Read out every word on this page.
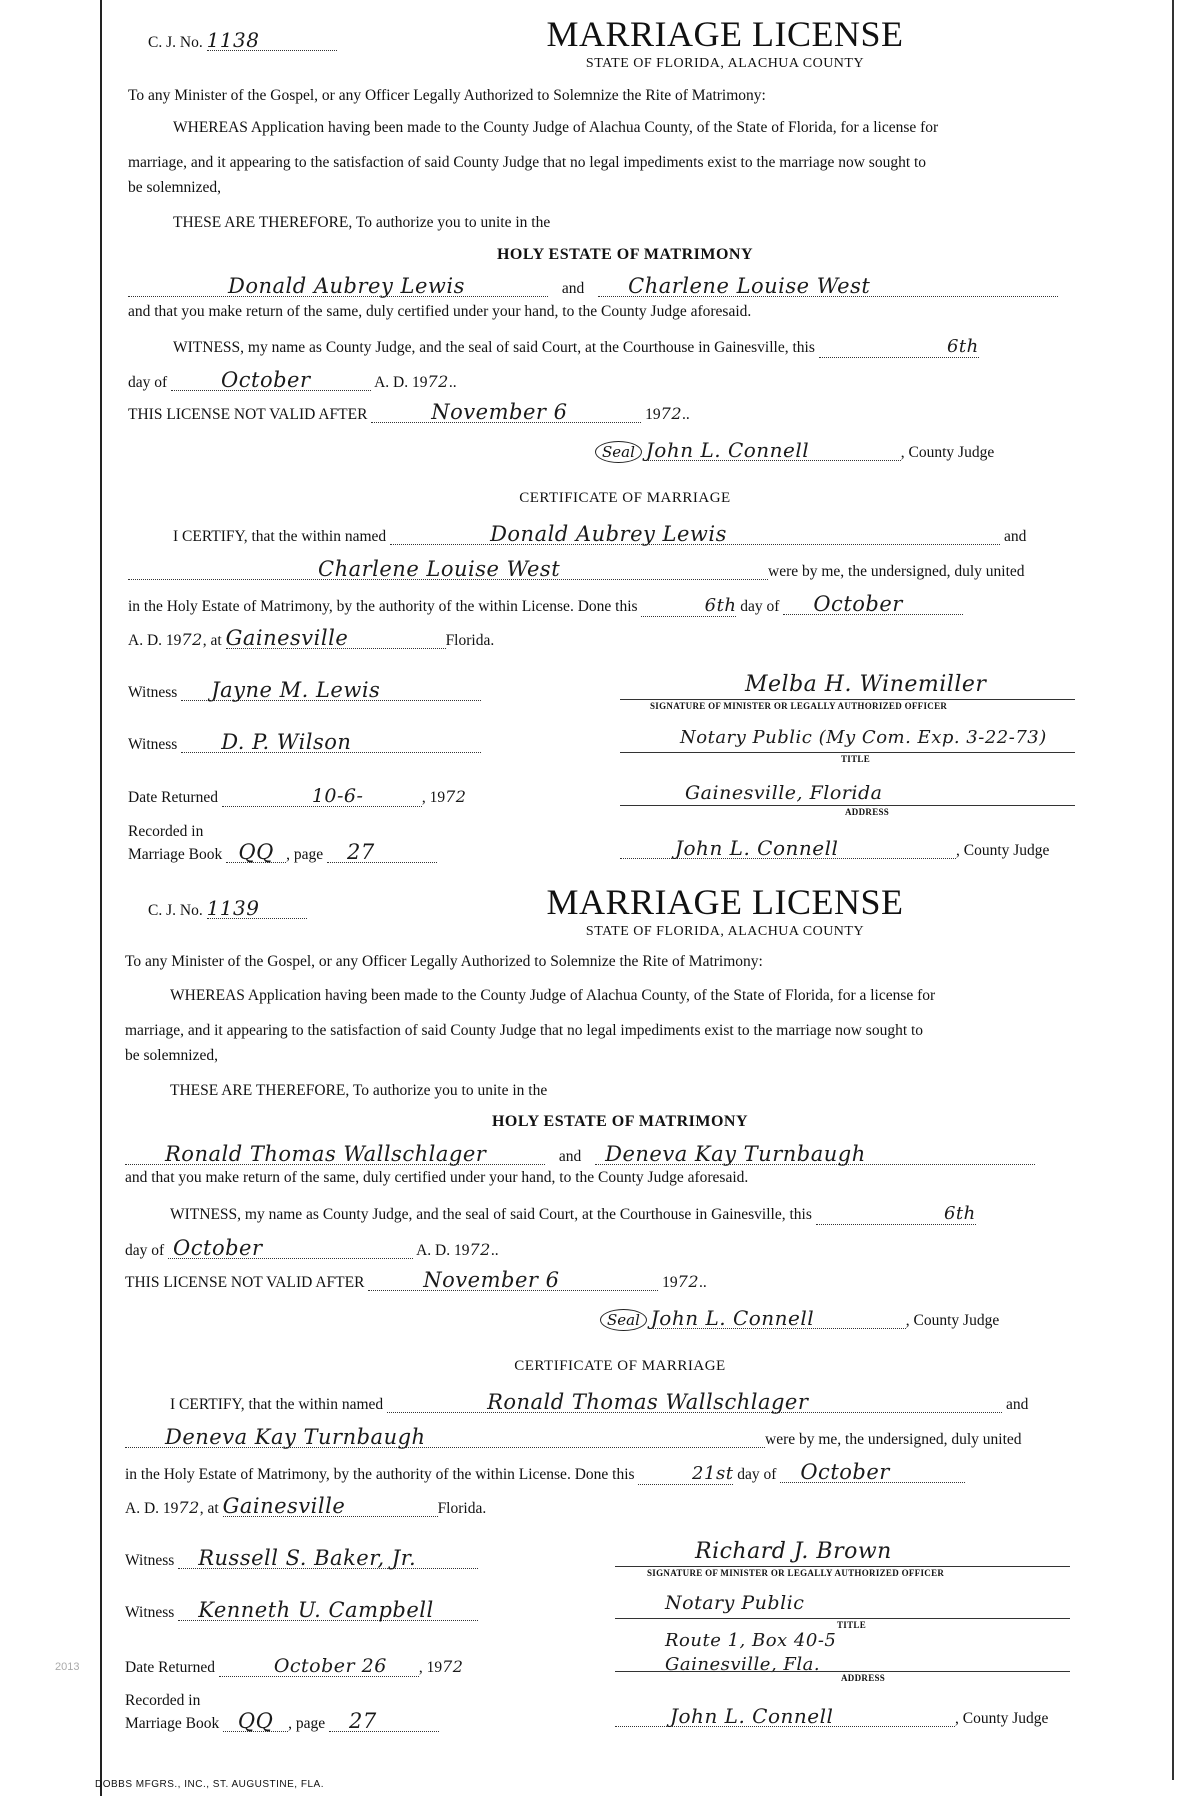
C. J. No. 1138	MARRIAGE LICENSE
STATE OF FLORIDA, ALACHUA COUNTY
To any Minister of the Gospel, or any Officer Legally Authorized to Solemnize the Rite of Matrimony:
WHEREAS Application having been made to the County Judge of Alachua County, of the State of Florida, for a license for
marriage, and it appearing to the satisfaction of said County Judge that no legal impediments exist to the marriage now sought to
be solemnized,
THESE ARE THEREFORE, To authorize you to unite in the
HOLY ESTATE OF MATRIMONY
Donald Aubrey Lewis	and Charlene Louise West
and that you make return of the same, duly certified under your hand, to the County Judge aforesaid.
WITNESS, my name as County Judge, and the seal of said Court, at the Courthouse in Gainesville, this	6th
day of	October	A. D. 1972..
THIS LICENSE NOT VALID AFTER	November 6	1972..
Seal John L. Connell	, County Judge
CERTIFICATE OF MARRIAGE
I CERTIFY, that the within named	Donald Aubrey Lewis	and
Charlene Louise West	were by me, the undersigned, duly united
in the Holy Estate of Matrimony, by the authority of the within License. Done this	6th day of October
A. D. 1972, at Gainesville	Florida.
Witness Jayne M. Lewis	Melba H. Winemiller
SIGNATURE OF MINISTER OR LEGALLY AUTHORIZED OFFICER
Witness D. P. Wilson	Notary Public (My Com. Exp. 3-22-73)
TITLE
Date Returned	10-6-	, 1972	Gainesville, Florida
ADDRESS
Recorded in
Marriage Book QQ , page 27	John L. Connell	, County Judge
C. J. No. 1139	MARRIAGE LICENSE
STATE OF FLORIDA, ALACHUA COUNTY
To any Minister of the Gospel, or any Officer Legally Authorized to Solemnize the Rite of Matrimony:
WHEREAS Application having been made to the County Judge of Alachua County, of the State of Florida, for a license for
marriage, and it appearing to the satisfaction of said County Judge that no legal impediments exist to the marriage now sought to
be solemnized,
THESE ARE THEREFORE, To authorize you to unite in the
HOLY ESTATE OF MATRIMONY
Ronald Thomas Wallschlager	and Deneva Kay Turnbaugh
and that you make return of the same, duly certified under your hand, to the County Judge aforesaid.
WITNESS, my name as County Judge, and the seal of said Court, at the Courthouse in Gainesville, this	6th
day of October	A. D. 1972..
THIS LICENSE NOT VALID AFTER	November 6	1972..
Seal John L. Connell	, County Judge
CERTIFICATE OF MARRIAGE
I CERTIFY, that the within named	Ronald Thomas Wallschlager	and
Deneva Kay Turnbaugh	were by me, the undersigned, duly united
in the Holy Estate of Matrimony, by the authority of the within License. Done this	21st day of October
A. D. 1972, at Gainesville	Florida.
Witness Russell S. Baker, Jr.	Richard J. Brown
SIGNATURE OF MINISTER OR LEGALLY AUTHORIZED OFFICER
Witness Kenneth U. Campbell	Notary Public
TITLE
Route 1, Box 40-5
Date Returned	October 26 , 1972	Gainesville, Fla.
ADDRESS
Recorded in
Marriage Book QQ , page 27	John L. Connell	, County Judge
2013
DOBBS MFGRS., INC., ST. AUGUSTINE, FLA.
